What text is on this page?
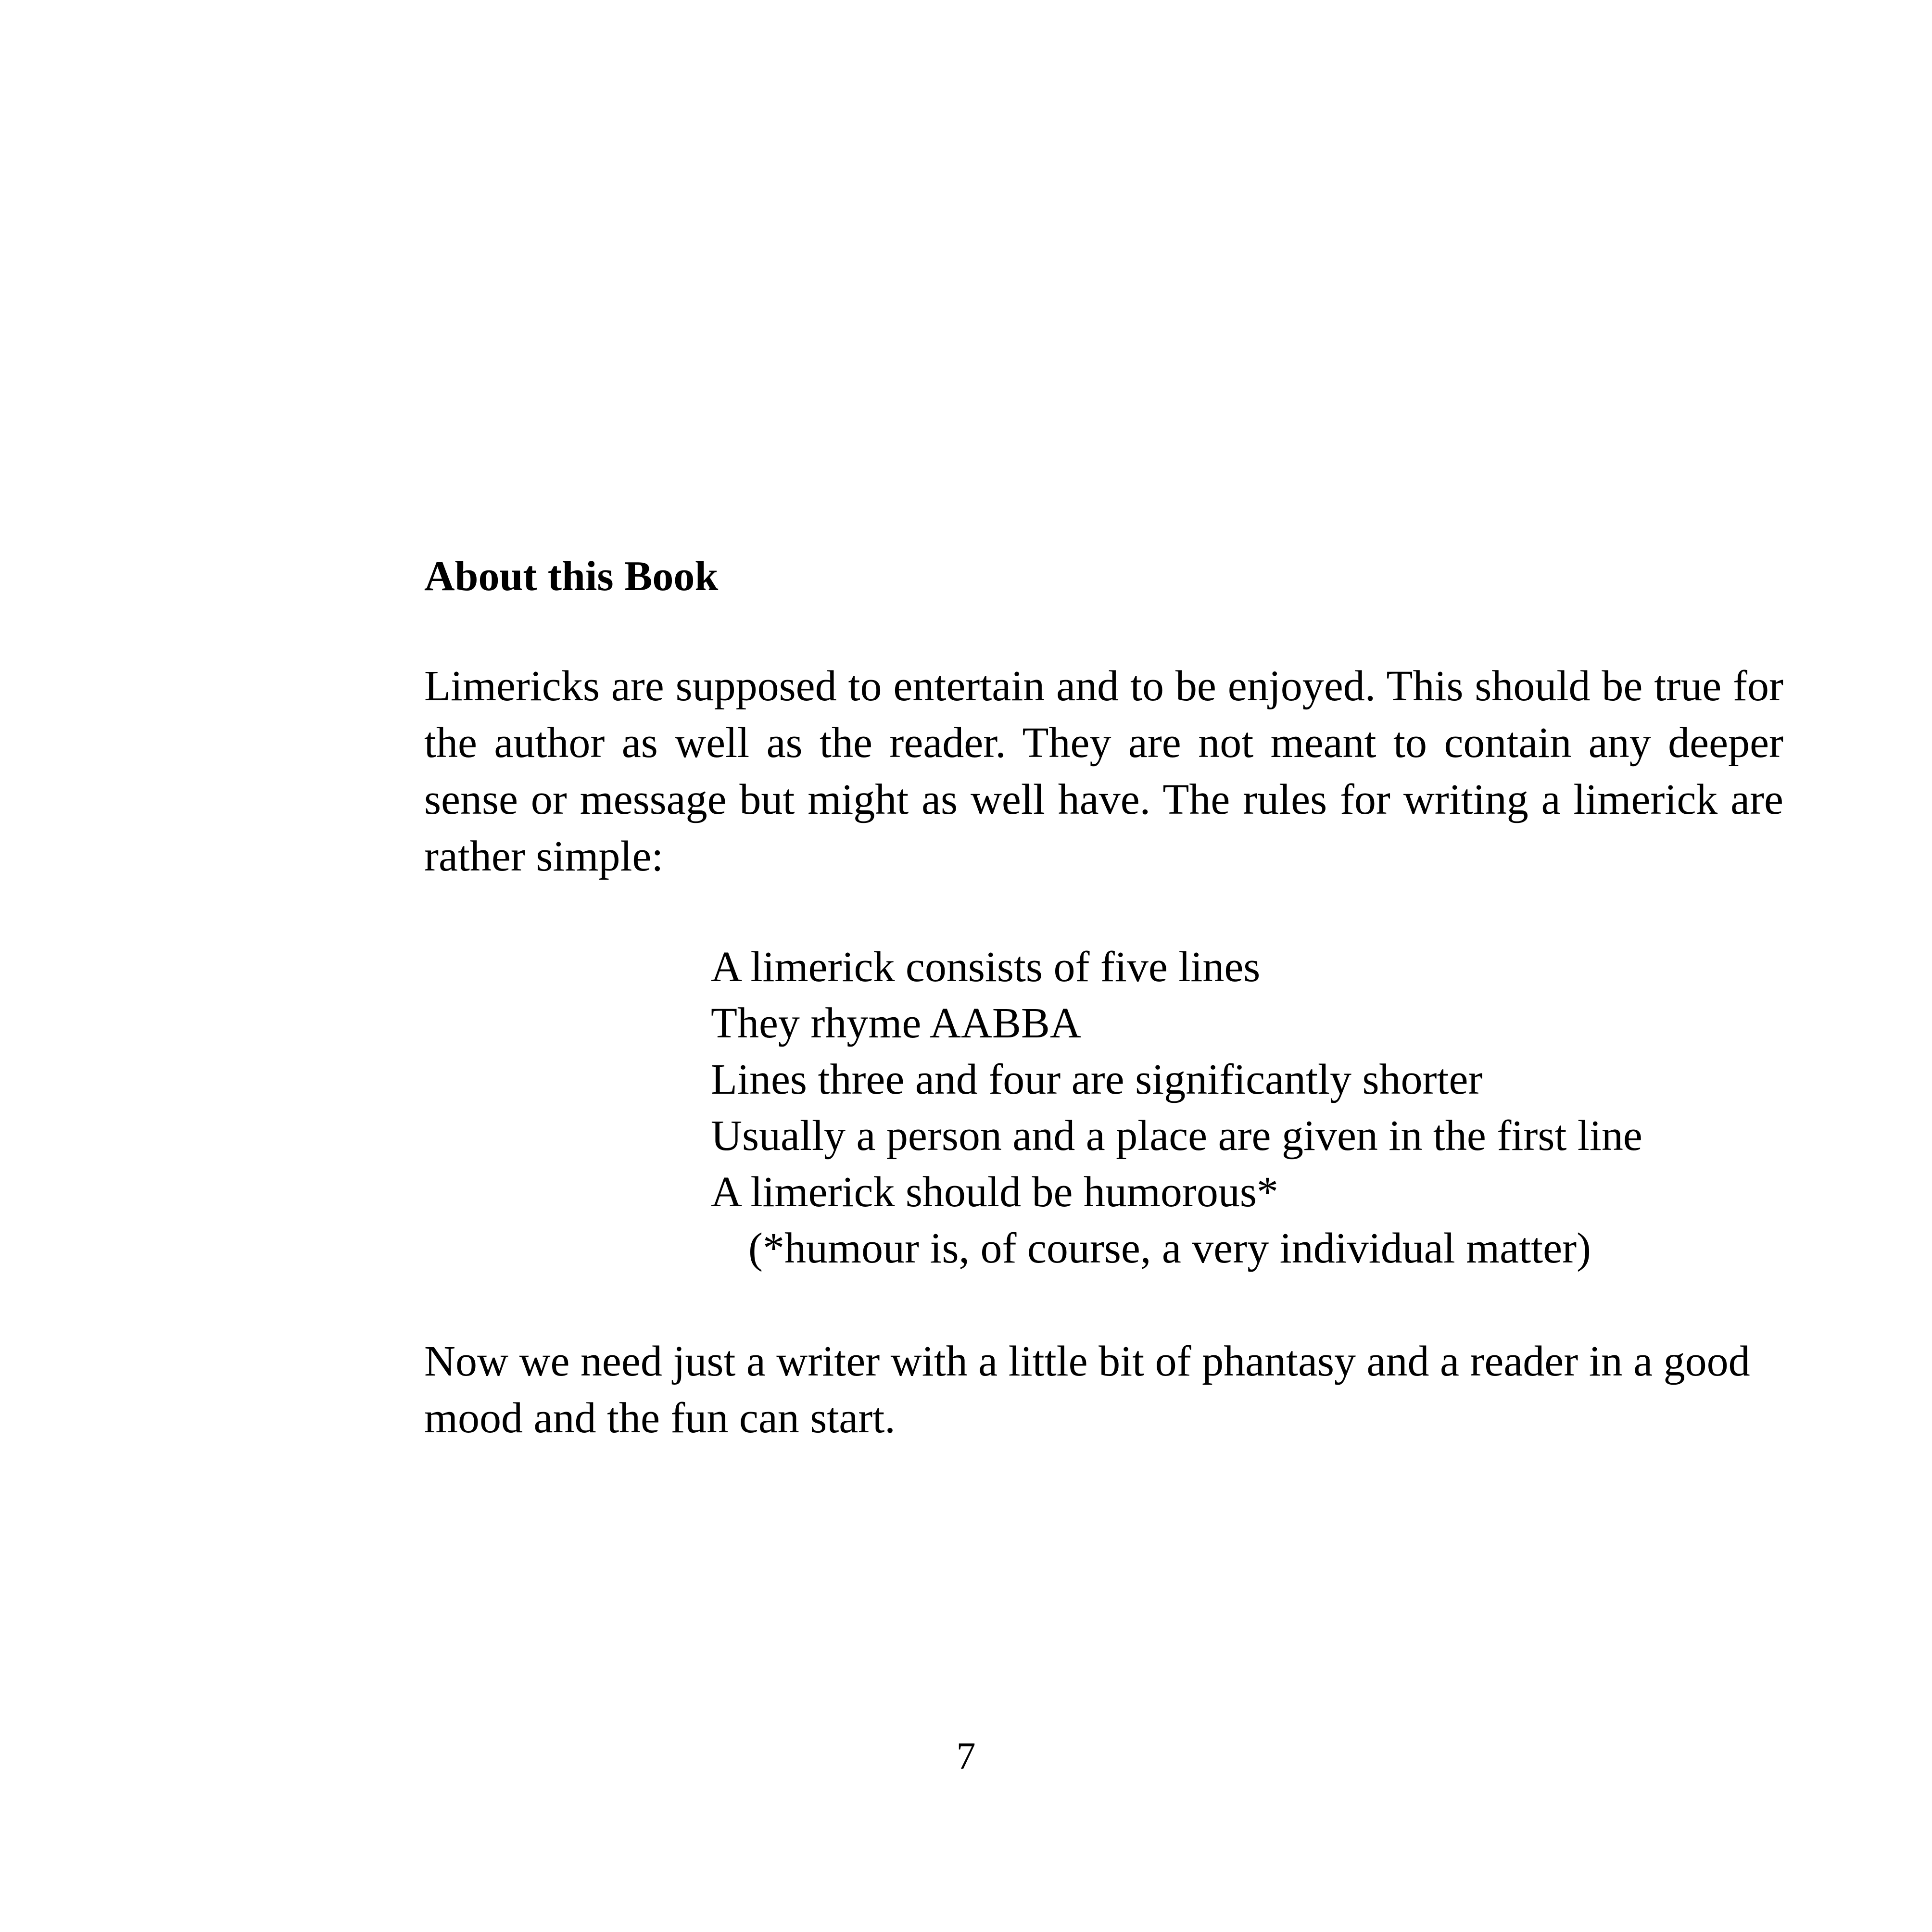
About this Book

Limericks are supposed to entertain and to be enjoyed. This should be true for the author as well as the reader. They are not meant to contain any deeper sense or message but might as well have. The rules for writing a limerick are rather simple:

A limerick consists of five lines
They rhyme AABBA
Lines three and four are significantly shorter
Usually a person and a place are given in the first line
A limerick should be humorous*
(*humour is, of course, a very individual matter)

Now we need just a writer with a little bit of phantasy and a reader in a good mood and the fun can start.

7
